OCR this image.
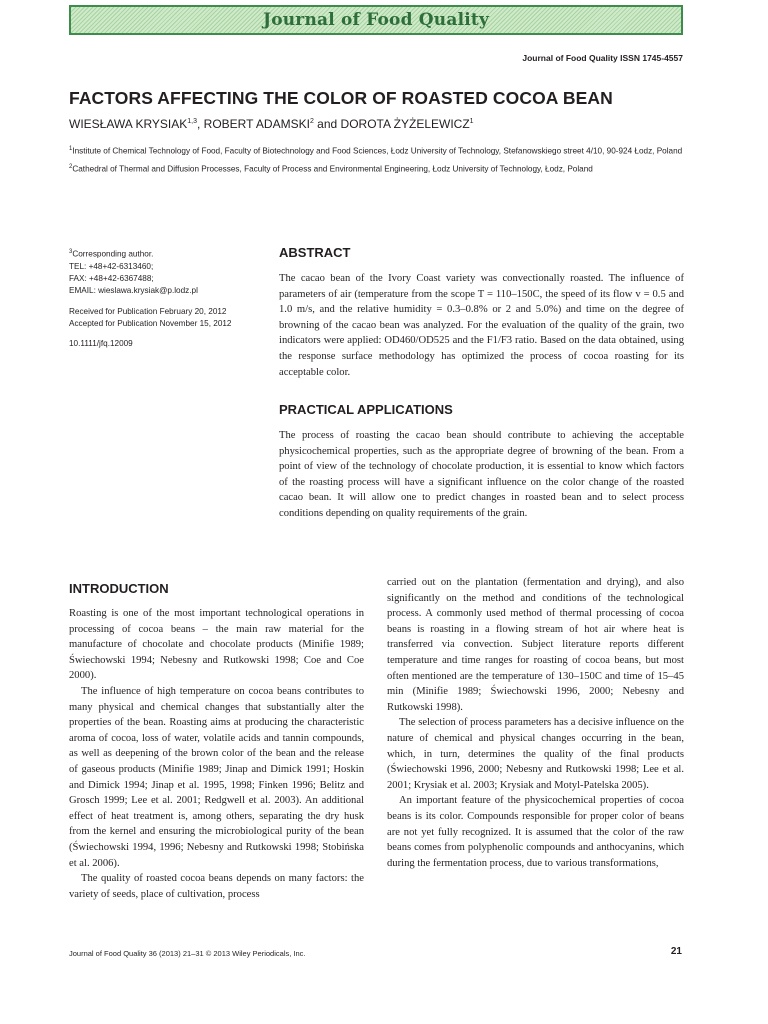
Journal of Food Quality
Journal of Food Quality ISSN 1745-4557
FACTORS AFFECTING THE COLOR OF ROASTED COCOA BEAN
WIESŁAWA KRYSIAK$^{1,3}$, ROBERT ADAMSKI$^2$ and DOROTA ŻYŻELEWICZ$^1$

$^1$Institute of Chemical Technology of Food, Faculty of Biotechnology and Food Sciences, Łodz University of Technology, Stefanowskiego street 4/10, 90-924 Łodz, Poland

$^2$Cathedral of Thermal and Diffusion Processes, Faculty of Process and Environmental Engineering, Łodz University of Technology, Łodz, Poland

$^3$Corresponding author.

TEL: +48+42-6313460;

FAX: +48+42-6367488;

EMAIL: wieslawa.krysiak@p.lodz.pl

Received for Publication February 20, 2012

Accepted for Publication November 15, 2012

10.1111/jfq.12009

ABSTRACT

The cacao bean of the Ivory Coast variety was convectionally roasted. The influence of parameters of air (temperature from the scope T = 110–150C, the speed of its flow v = 0.5 and 1.0 m/s, and the relative humidity = 0.3–0.8% or 2 and 5.0%) and time on the degree of browning of the cacao bean was analyzed. For the evaluation of the quality of the grain, two indicators were applied: OD460/OD525 and the F1/F3 ratio. Based on the data obtained, using the response surface methodology has optimized the process of cocoa roasting for its acceptable color.

PRACTICAL APPLICATIONS

The process of roasting the cacao bean should contribute to achieving the acceptable physicochemical properties, such as the appropriate degree of browning of the bean. From a point of view of the technology of chocolate production, it is essential to know which factors of the roasting process will have a significant influence on the color change of the roasted cacao bean. It will allow one to predict changes in roasted bean and to select process conditions depending on quality requirements of the grain.

INTRODUCTION

Roasting is one of the most important technological operations in processing of cocoa beans – the main raw material for the manufacture of chocolate and chocolate products (Minifie 1989; Świechowski 1994; Nebesny and Rutkowski 1998; Coe and Coe 2000).

The influence of high temperature on cocoa beans contributes to many physical and chemical changes that substantially alter the properties of the bean. Roasting aims at producing the characteristic aroma of cocoa, loss of water, volatile acids and tannin compounds, as well as deepening of the brown color of the bean and the release of gaseous products (Minifie 1989; Jinap and Dimick 1991; Hoskin and Dimick 1994; Jinap et al. 1995, 1998; Finken 1996; Belitz and Grosch 1999; Lee et al. 2001; Redgwell et al. 2003). An additional effect of heat treatment is, among others, separating the dry husk from the kernel and ensuring the microbiological purity of the bean (Świechowski 1994, 1996; Nebesny and Rutkowski 1998; Stobińska et al. 2006).

The quality of roasted cocoa beans depends on many factors: the variety of seeds, place of cultivation, process

carried out on the plantation (fermentation and drying), and also significantly on the method and conditions of the technological process. A commonly used method of thermal processing of cocoa beans is roasting in a flowing stream of hot air where heat is transferred via convection. Subject literature reports different temperature and time ranges for roasting of cocoa beans, but most often mentioned are the temperature of 130–150C and time of 15–45 min (Minifie 1989; Świechowski 1996, 2000; Nebesny and Rutkowski 1998).

The selection of process parameters has a decisive influence on the nature of chemical and physical changes occurring in the bean, which, in turn, determines the quality of the final products (Świechowski 1996, 2000; Nebesny and Rutkowski 1998; Lee et al. 2001; Krysiak et al. 2003; Krysiak and Motyl-Patelska 2005).

An important feature of the physicochemical properties of cocoa beans is its color. Compounds responsible for proper color of beans are not yet fully recognized. It is assumed that the color of the raw beans comes from polyphenolic compounds and anthocyanins, which during the fermentation process, due to various transformations,

Journal of Food Quality 36 (2013) 21–31 © 2013 Wiley Periodicals, Inc.	21
